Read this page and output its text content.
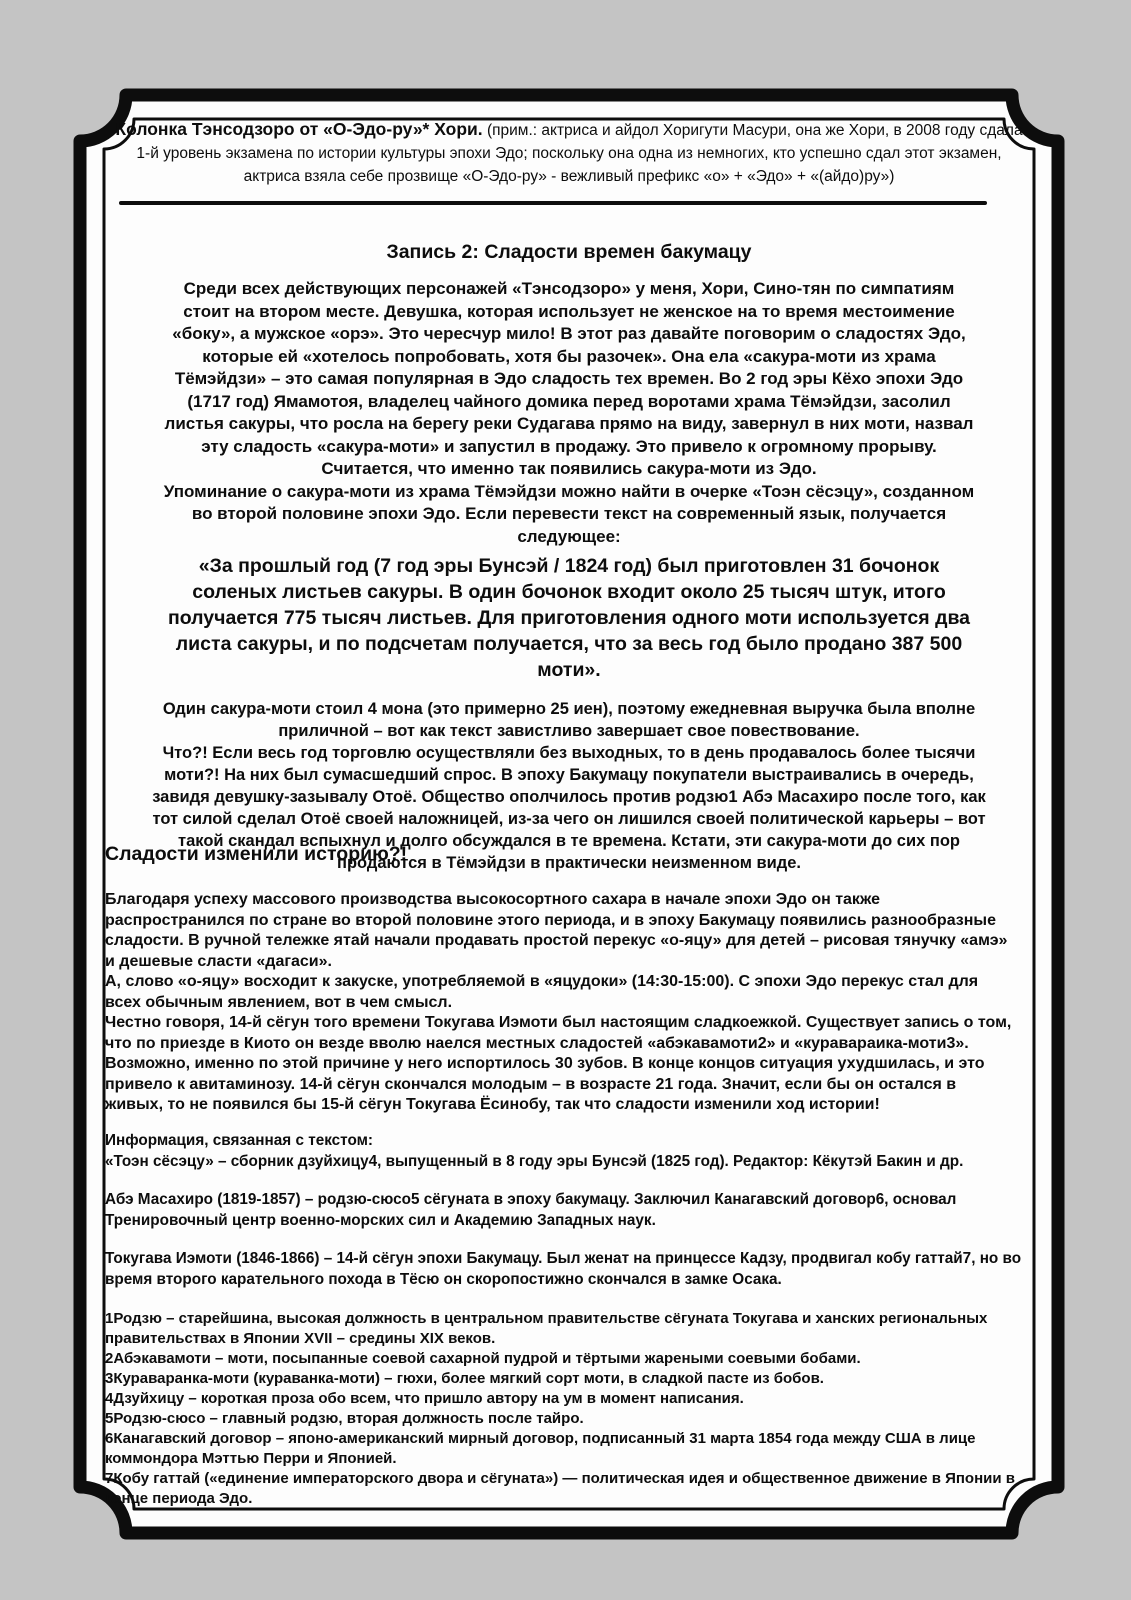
Колонка Тэнсодзоро от «О-Эдо-ру»* Хори. (прим.: актриса и айдол Хоригути Масури, она же Хори, в 2008 году сдала 1-й уровень экзамена по истории культуры эпохи Эдо; поскольку она одна из немногих, кто успешно сдал этот экзамен, актриса взяла себе прозвище «О-Эдо-ру» - вежливый префикс «о» + «Эдо» + «(айдо)ру»)

Запись 2: Сладости времен бакумацу

Среди всех действующих персонажей «Тэнсодзоро» у меня, Хори, Сино-тян по симпатиям стоит на втором месте. Девушка, которая использует не женское на то время местоимение «боку», а мужское «орэ». Это чересчур мило! В этот раз давайте поговорим о сладостях Эдо, которые ей «хотелось попробовать, хотя бы разочек». Она ела «сакура-моти из храма Тёмэйдзи» – это самая популярная в Эдо сладость тех времен. Во 2 год эры Кёхо эпохи Эдо (1717 год) Ямамотоя, владелец чайного домика перед воротами храма Тёмэйдзи, засолил листья сакуры, что росла на берегу реки Судагава прямо на виду, завернул в них моти, назвал эту сладость «сакура-моти» и запустил в продажу. Это привело к огромному прорыву.

Считается, что именно так появились сакура-моти из Эдо.

Упоминание о сакура-моти из храма Тёмэйдзи можно найти в очерке «Тоэн сёсэцу», созданном во второй половине эпохи Эдо. Если перевести текст на современный язык, получается следующее:

«За прошлый год (7 год эры Бунсэй / 1824 год) был приготовлен 31 бочонок соленых листьев сакуры. В один бочонок входит около 25 тысяч штук, итого получается 775 тысяч листьев. Для приготовления одного моти используется два листа сакуры, и по подсчетам получается, что за весь год было продано 387 500 моти».

Один сакура-моти стоил 4 мона (это примерно 25 иен), поэтому ежедневная выручка была вполне приличной – вот как текст завистливо завершает свое повествование.

Что?! Если весь год торговлю осуществляли без выходных, то в день продавалось более тысячи моти?! На них был сумасшедший спрос. В эпоху Бакумацу покупатели выстраивались в очередь, завидя девушку-зазывалу Отоё. Общество ополчилось против родзю1 Абэ Масахиро после того, как тот силой сделал Отоё своей наложницей, из-за чего он лишился своей политической карьеры – вот такой скандал вспыхнул и долго обсуждался в те времена. Кстати, эти сакура-моти до сих пор продаются в Тёмэйдзи в практически неизменном виде.

Сладости изменили историю?!

Благодаря успеху массового производства высокосортного сахара в начале эпохи Эдо он также распространился по стране во второй половине этого периода, и в эпоху Бакумацу появились разнообразные сладости. В ручной тележке ятай начали продавать простой перекус «о-яцу» для детей – рисовая тянучку «амэ» и дешевые сласти «дагаси».

А, слово «о-яцу» восходит к закуске, употребляемой в «яцудоки» (14:30-15:00). С эпохи Эдо перекус стал для всех обычным явлением, вот в чем смысл.

Честно говоря, 14-й сёгун того времени Токугава Иэмоти был настоящим сладкоежкой. Существует запись о том, что по приезде в Киото он везде вволю наелся местных сладостей «абэкавамоти2» и «куравараика-моти3». Возможно, именно по этой причине у него испортилось 30 зубов. В конце концов ситуация ухудшилась, и это привело к авитаминозу. 14-й сёгун скончался молодым – в возрасте 21 года. Значит, если бы он остался в живых, то не появился бы 15-й сёгун Токугава Ёсинобу, так что сладости изменили ход истории!

Информация, связанная с текстом:

«Тоэн сёсэцу» – сборник дзуйхицу4, выпущенный в 8 году эры Бунсэй (1825 год). Редактор: Кёкутэй Бакин и др.

Абэ Масахиро (1819-1857) – родзю-сюсо5 сёгуната в эпоху бакумацу. Заключил Канагавский договор6, основал Тренировочный центр военно-морских сил и Академию Западных наук.

Токугава Иэмоти (1846-1866) – 14-й сёгун эпохи Бакумацу. Был женат на принцессе Кадзу, продвигал кобу гаттай7, но во время второго карательного похода в Тёсю он скоропостижно скончался в замке Осака.

1Родзю – старейшина, высокая должность в центральном правительстве сёгуната Токугава и ханских региональных правительствах в Японии XVII – средины XIX веков.

2Абэкавамоти – моти, посыпанные соевой сахарной пудрой и тёртыми жареными соевыми бобами.

3Кураваранка-моти (кураванка-моти) – гюхи, более мягкий сорт моти, в сладкой пасте из бобов.

4Дзуйхицу – короткая проза обо всем, что пришло автору на ум в момент написания.

5Родзю-сюсо – главный родзю, вторая должность после тайро.

6Канагавский договор – японо-американский мирный договор, подписанный 31 марта 1854 года между США в лице коммондора Мэттью Перри и Японией.

7Кобу гаттай («единение императорского двора и сёгуната») — политическая идея и общественное движение в Японии в конце периода Эдо.
